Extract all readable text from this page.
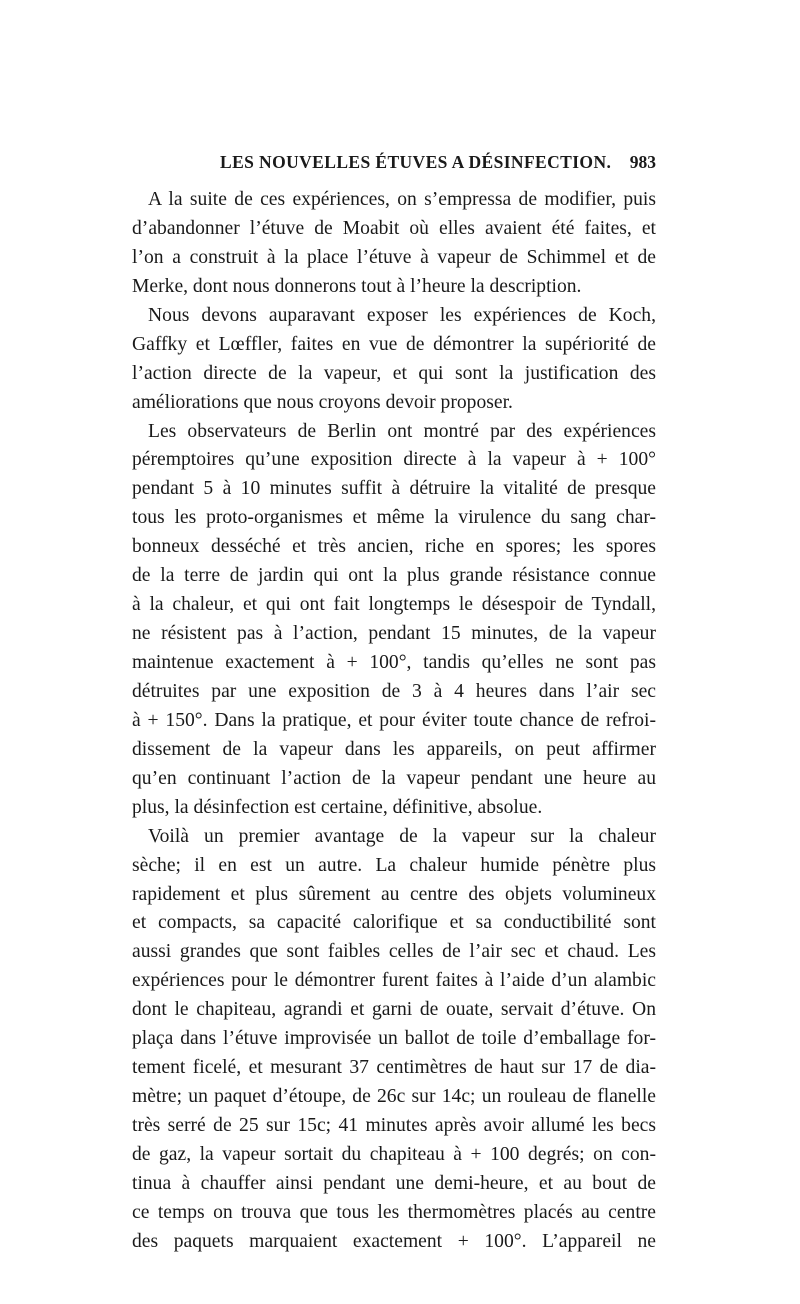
LES NOUVELLES ÉTUVES A DÉSINFECTION. 983
A la suite de ces expériences, on s’empressa de modifier, puis
d’abandonner l’étuve de Moabit où elles avaient été faites, et
l’on a construit à la place l’étuve à vapeur de Schimmel et de
Merke, dont nous donnerons tout à l’heure la description.
Nous devons auparavant exposer les expériences de Koch,
Gaffky et Lœffler, faites en vue de démontrer la supériorité de
l’action directe de la vapeur, et qui sont la justification des
améliorations que nous croyons devoir proposer.
Les observateurs de Berlin ont montré par des expériences
péremptoires qu’une exposition directe à la vapeur à + 100°
pendant 5 à 10 minutes suffit à détruire la vitalité de presque
tous les proto-organismes et même la virulence du sang char-
bonneux desséché et très ancien, riche en spores; les spores
de la terre de jardin qui ont la plus grande résistance connue
à la chaleur, et qui ont fait longtemps le désespoir de Tyndall,
ne résistent pas à l’action, pendant 15 minutes, de la vapeur
maintenue exactement à + 100°, tandis qu’elles ne sont pas
détruites par une exposition de 3 à 4 heures dans l’air sec
à + 150°. Dans la pratique, et pour éviter toute chance de refroi-
dissement de la vapeur dans les appareils, on peut affirmer
qu’en continuant l’action de la vapeur pendant une heure au
plus, la désinfection est certaine, définitive, absolue.
Voilà un premier avantage de la vapeur sur la chaleur
sèche; il en est un autre. La chaleur humide pénètre plus
rapidement et plus sûrement au centre des objets volumineux
et compacts, sa capacité calorifique et sa conductibilité sont
aussi grandes que sont faibles celles de l’air sec et chaud. Les
expériences pour le démontrer furent faites à l’aide d’un alambic
dont le chapiteau, agrandi et garni de ouate, servait d’étuve. On
plaça dans l’étuve improvisée un ballot de toile d’emballage for-
tement ficelé, et mesurant 37 centimètres de haut sur 17 de dia-
mètre; un paquet d’étoupe, de 26c sur 14c; un rouleau de flanelle
très serré de 25 sur 15c; 41 minutes après avoir allumé les becs
de gaz, la vapeur sortait du chapiteau à + 100 degrés; on con-
tinua à chauffer ainsi pendant une demi-heure, et au bout de
ce temps on trouva que tous les thermomètres placés au centre
des paquets marquaient exactement + 100°. L’appareil ne
